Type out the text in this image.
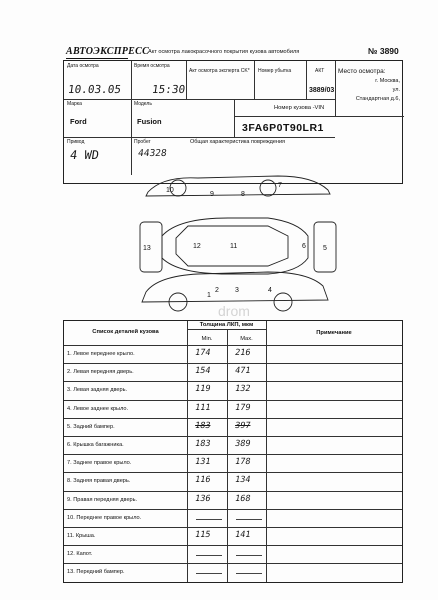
АВТОЭКСПРЕСС
Акт осмотра лакокрасочного покрытия кузова автомобиля	№ 3890
Дата осмотра
10.03.05
Время осмотра
15:30
Акт осмотра эксперта CK*	Номер убытка	АКТ
3889/03
Место осмотра:
г. Москва,
ул.
Стандартная д.6,
Марка
Ford
Модель
Fusion
Номер кузова -VIN
3FA6P0T90LR1
Привод
4 WD
Пробег
44328
Общая характеристика повреждения
1
2 3	4
5
6
7
8
9
10
11
12
13
drom
Список деталей кузова
Толщина ЛКП, мкм
Min.	Max.
Примечание
1. Левое переднее крыло.	174	216
2. Левая передняя дверь.	154	471
3. Левая задняя дверь.	119	132
4. Левое заднее крыло.	111	179
5. Задний бампер.	183	397
6. Крышка багажника.	183	389
7. Заднее правое крыло.	131	178
8. Задняя правая дверь.	116	134
9. Правая передняя дверь.	136	168
10. Переднее правое крыло.
11. Крыша.	115	141
12. Капот.
13. Передний бампер.
